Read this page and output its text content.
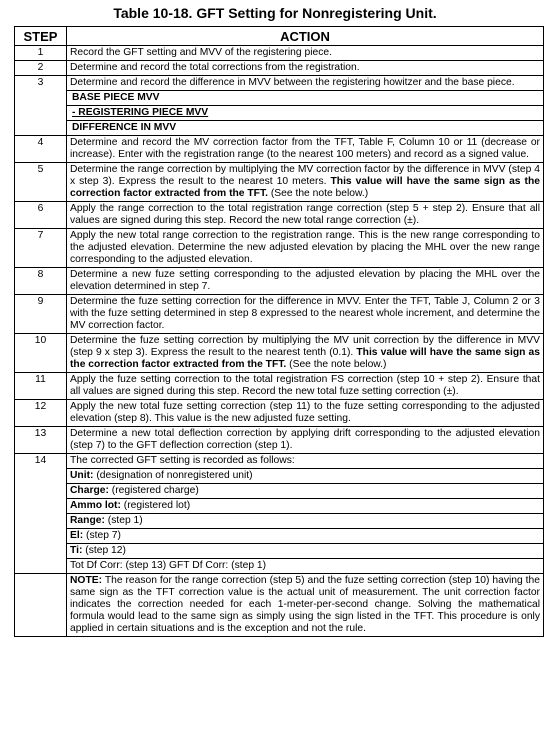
Table 10-18. GFT Setting for Nonregistering Unit.
STEP	ACTION
1	Record the GFT setting and MVV of the registering piece.
2	Determine and record the total corrections from the registration.
3	Determine and record the difference in MVV between the registering howitzer and the base piece.
	BASE PIECE MVV
	- REGISTERING PIECE MVV
	DIFFERENCE IN MVV
4	Determine and record the MV correction factor from the TFT, Table F, Column 10 or 11 (decrease or increase). Enter with the registration range (to the nearest 100 meters) and record as a signed value.
5	Determine the range correction by multiplying the MV correction factor by the difference in MVV (step 4 x step 3). Express the result to the nearest 10 meters. This value will have the same sign as the correction factor extracted from the TFT. (See the note below.)
6	Apply the range correction to the total registration range correction (step 5 + step 2). Ensure that all values are signed during this step. Record the new total range correction (±).
7	Apply the new total range correction to the registration range. This is the new range corresponding to the adjusted elevation. Determine the new adjusted elevation by placing the MHL over the new range corresponding to the adjusted elevation.
8	Determine a new fuze setting corresponding to the adjusted elevation by placing the MHL over the elevation determined in step 7.
9	Determine the fuze setting correction for the difference in MVV. Enter the TFT, Table J, Column 2 or 3 with the fuze setting determined in step 8 expressed to the nearest whole increment, and determine the MV correction factor.
10	Determine the fuze setting correction by multiplying the MV unit correction by the difference in MVV (step 9 x step 3). Express the result to the nearest tenth (0.1). This value will have the same sign as the correction factor extracted from the TFT. (See the note below.)
11	Apply the fuze setting correction to the total registration FS correction (step 10 + step 2). Ensure that all values are signed during this step. Record the new total fuze setting correction (±).
12	Apply the new total fuze setting correction (step 11) to the fuze setting corresponding to the adjusted elevation (step 8). This value is the new adjusted fuze setting.
13	Determine a new total deflection correction by applying drift corresponding to the adjusted elevation (step 7) to the GFT deflection correction (step 1).
14	The corrected GFT setting is recorded as follows:
	Unit: (designation of nonregistered unit)
	Charge: (registered charge)
	Ammo lot: (registered lot)
	Range: (step 1)
	El: (step 7)
	Ti: (step 12)
	Tot Df Corr: (step 13) GFT Df Corr: (step 1)
	NOTE: The reason for the range correction (step 5) and the fuze setting correction (step 10) having the same sign as the TFT correction value is the actual unit of measurement. The unit correction factor indicates the correction needed for each 1-meter-per-second change. Solving the mathematical formula would lead to the same sign as simply using the sign listed in the TFT. This procedure is only applied in certain situations and is the exception and not the rule.
